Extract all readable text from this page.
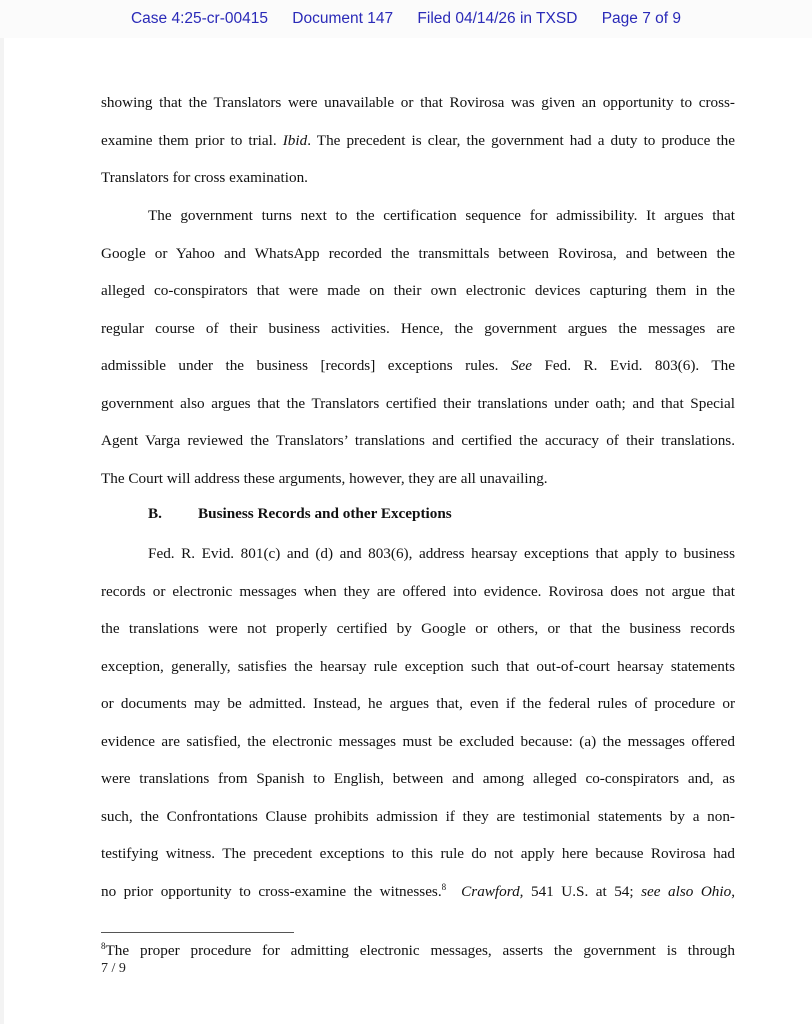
Case 4:25-cr-00415 Document 147 Filed 04/14/26 in TXSD Page 7 of 9
showing that the Translators were unavailable or that Rovirosa was given an opportunity to cross-
examine them prior to trial. Ibid. The precedent is clear, the government had a duty to produce the
Translators for cross examination.
The government turns next to the certification sequence for admissibility. It argues that
Google or Yahoo and WhatsApp recorded the transmittals between Rovirosa, and between the
alleged co-conspirators that were made on their own electronic devices capturing them in the
regular course of their business activities. Hence, the government argues the messages are
admissible under the business [records] exceptions rules. See Fed. R. Evid. 803(6). The
government also argues that the Translators certified their translations under oath; and that Special
Agent Varga reviewed the Translators’ translations and certified the accuracy of their translations.
The Court will address these arguments, however, they are all unavailing.
B. Business Records and other Exceptions
Fed. R. Evid. 801(c) and (d) and 803(6), address hearsay exceptions that apply to business
records or electronic messages when they are offered into evidence. Rovirosa does not argue that
the translations were not properly certified by Google or others, or that the business records
exception, generally, satisfies the hearsay rule exception such that out-of-court hearsay statements
or documents may be admitted. Instead, he argues that, even if the federal rules of procedure or
evidence are satisfied, the electronic messages must be excluded because: (a) the messages offered
were translations from Spanish to English, between and among alleged co-conspirators and, as
such, the Confrontations Clause prohibits admission if they are testimonial statements by a non-
testifying witness. The precedent exceptions to this rule do not apply here because Rovirosa had
no prior opportunity to cross-examine the witnesses.$^8$ Crawford, 541 U.S. at 54; see also Ohio,
$^8$The proper procedure for admitting electronic messages, asserts the government is through
7 / 9
